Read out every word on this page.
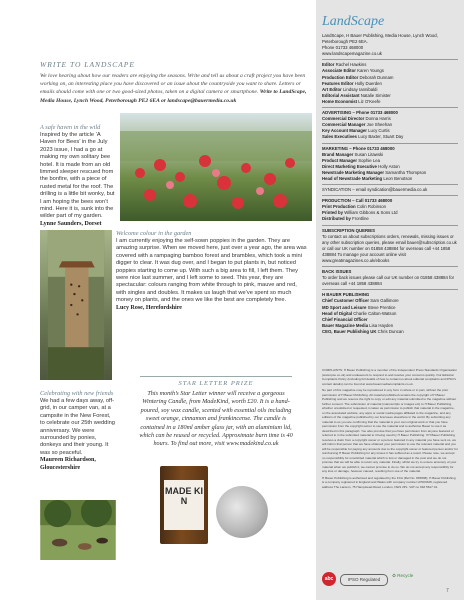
WRITE TO LANDSCAPE
We love hearing about how our readers are enjoying the seasons. Write and tell us about a craft project you have been working on, an interesting place you have discovered or an issue about the countryside you want to share. Letters or emails should come with one or two good-sized photos, taken on a digital camera or smartphone. Write to LandScape, Media House, Lynch Wood, Peterborough PE2 6EA or landscape@bauermedia.co.uk
A safe haven in the wild
Inspired by the article ‘A Haven for Bees’ in the July 2023 issue, I had a go at making my own solitary bee hotel. It is made from an old limmed sleeper rescued from the bonfire, with a piece of rusted metal for the roof. The drilling is a little bit wonky, but I am hoping the bees won’t mind. Here it is, sunk into the wilder part of my garden.
Lynne Saunders, Dorset
Welcome colour in the garden
I am currently enjoying the self-sown poppies in the garden. They are amazing surprise. When we moved here, just over a year ago, the area was covered with a rampaging bamboo forest and brambles, which took a mini digger to clear. It was dug over, and I began to put plants in, but noticed poppies starting to come up. With such a big area to fill, I left them. They were nice last summer, and I left some to seed. This year, they are spectacular: colours ranging from white through to pink, mauve and red, with singles and doubles. It makes us laugh that we’ve spent so much money on plants, and the ones we like the best are completely free.
Lucy Rose, Herefordshire
Celebrating with new friends
We had a few days away, off-grid, in our camper van, at a campsite in the New Forest, to celebrate our 25th wedding anniversary. We were surrounded by ponies, donkeys and their young. It was so peaceful.
Maureen Richardson, Gloucestershire
STAR LETTER PRIZE
This month’s Star Letter winner will receive a gorgeous Wintering Candle, from MadeKind, worth £20. It is a hand-poured, soy wax candle, scented with essential oils including sweet orange, cinnamon and frankincense. The candle is contained in a 180ml amber glass jar, with an aluminium lid, which can be reused or recycled. Approximate burn time is 40 hours. To find out more, visit www.madekind.co.uk
MADE KIN
LandScape
LandScape, H Bauer Publishing, Media House, Lynch Wood, Peterborough PE2 6EA.
Phone 01733 468000
www.landscapemagazine.co.uk
Editor Rachel Hawkins
Associate Editor Karen Youngs
Production Editor Deborah Dunnam
Features Editor Holly Duerden
Art Editor Lindsay Iannibaldi
Editorial Assistant Natalie Simister
Home Economist Liz O’Keefe
ADVERTISING – Phone 01733 468000
Commercial Director Donna Harris
Commercial Manager Joe Sheehan
Key Account Manager Lucy Curtis
Sales Executives Lucy Baxter, Stuart Day
MARKETING – Phone 01733 468000
Brand Manager Susan Litawski
Product Manager Sophie Lea
Direct Marketing Executive Holly Aston
Newstrade Marketing Manager Samantha Thompson
Head of Newstrade Marketing Leon Benotson
SYNDICATION – email syndication@bauermedia.co.uk
PRODUCTION – Call 01733 468000
Print Production Colin Robinson
Printed by William Gibbons & Sons Ltd
Distributed by Frontline
SUBSCRIPTION QUERIES
To contact us about subscriptions orders, renewals, missing issues or any other subscription queries, please email bauer@subscription.co.uk or call our UK number on 01858 438884 for overseas call +44 1858 438884 To manage your account online visit www.greatmagazines.co.uk/ebooks
BACK ISSUES
To order back issues please call our UK number on 01858 438884 for overseas call +44 1858 438884
H BAUER PUBLISHING
Chief Customer Officer Sam Gallimore
MD Sport and Leisure Steve Prentice
Head of Digital Charlie Calton-Watson
Chief Financial Officer
Bauer Magazine Media Lisa Hayden
CEO, Bauer Publishing UK Chris Duncan

COMPLAINTS: H Bauer Publishing is a member of the Independent Press Standards Organisation (www.ipso.co.uk) and endeavours to respond to and resolve your concerns quickly. Our Editorial Complaints Policy (including full details of how to contact us about editorial complaints and IPSO's contact details) can be found at www.bauermediacomplaints.co.uk.

No part of this magazine may be reproduced in any form in whole or in part, without the prior permission of H Bauer Publishing. All material published remains the copyright of H Bauer Publishing and we reserve the right to copy or edit any material submitted to the magazine without further consent. The submission of material (manuscripts or images etc) to H Bauer Publishing, whether unsolicited or requested, is taken as permission to publish that material in the magazine, on the associated website, any apps or social media pages affiliated to the magazine, and any editions of the magazine published by our licensees elsewhere in the world. By submitting any material to us you are confirming that the material is your own original work or that you have permission from the copyright owner to use the material and to authorise Bauer to use it as described in this paragraph. You also promise that you have permission from anyone featured or referred to in the submitted material to it being used by H Bauer Publishing. If H Bauer Publishing receives a claim from a copyright owner or a person featured in any material you have sent us, we will inform that person that we have obtained your permission to use the relevant material and you will be responsible for paying any amounts due to the copyright owner or featured person and/or for reimbursing H Bauer Publishing for any losses it has suffered as a result. Please note, we accept no responsibility for unsolicited material which is lost or damaged in the post and we do not promise that we will be able to return any material. Finally, whilst we try to ensure accuracy of your material when we publish it, we cannot promise to do so. We do not accept any responsibility for any loss or damage, however caused, resulting from use of the material.

H Bauer Publishing is authorised and regulated by the FCA (Ref No. 845898). H Bauer Publishing is a company registered in England and Wales with company number LP003328, registered address The Lantern, 75 Hampstead Road, London, NW1 2PL. VAT no 918 5617 01.

abc	IPSO Regulated
♻ Recycle
7
